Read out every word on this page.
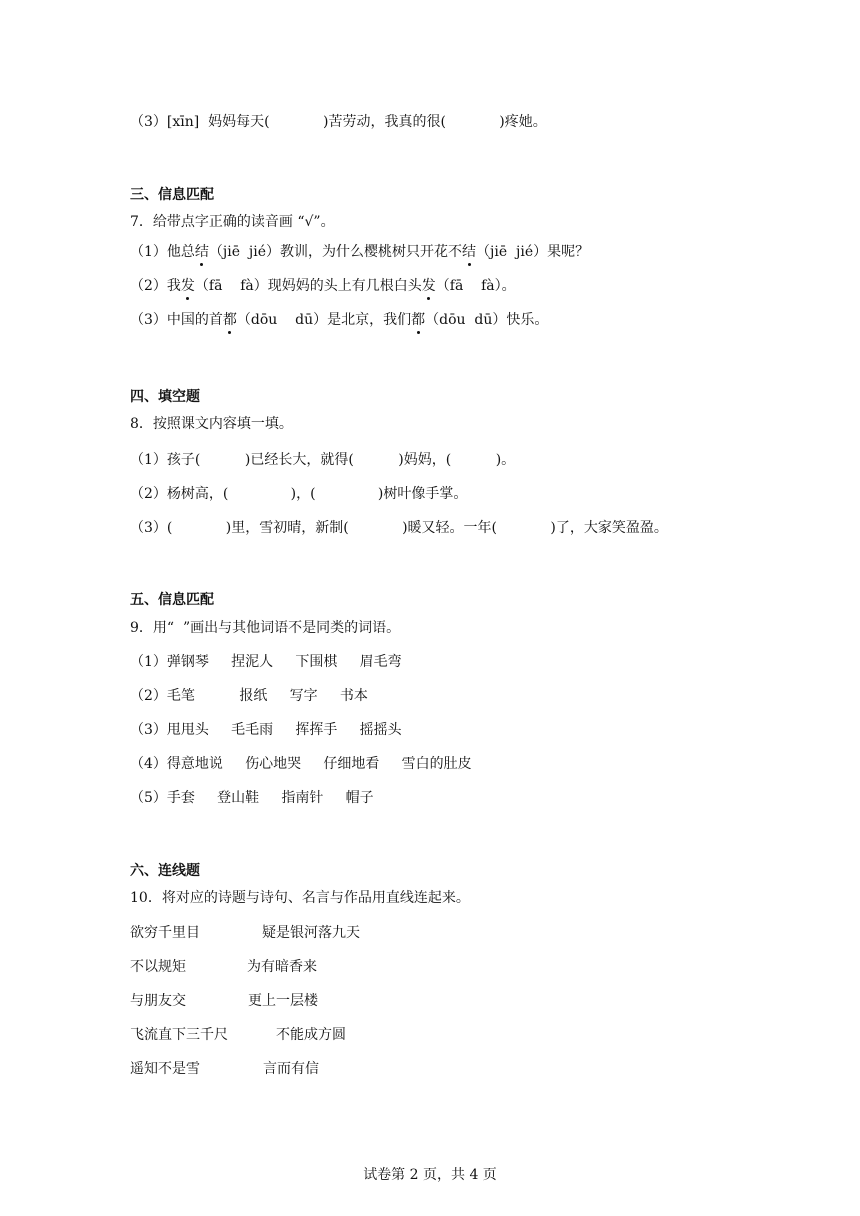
（3）[xīn]  妈妈每天(            )苦劳动，我真的很(            )疼她。
三、信息匹配
7．给带点字正确的读音画 “√”。
（1）他总结（jiē  jié）教训，为什么樱桃树只开花不结（jiē  jié）果呢？
（2）我发（fā    fà）现妈妈的头上有几根白头发（fā    fà）。
（3）中国的首都（dōu    dū）是北京，我们都（dōu  dū）快乐。
四、填空题
8．按照课文内容填一填。
（1）孩子(          )已经长大，就得(          )妈妈，(          )。
（2）杨树高，(              )，(              )树叶像手掌。
（3）(            )里，雪初晴，新制(            )暖又轻。一年(            )了，大家笑盈盈。
五、信息匹配
9．用“  ”画出与其他词语不是同类的词语。
（1）弹钢琴     捏泥人     下围棋     眉毛弯
（2）毛笔          报纸     写字     书本
（3）甩甩头     毛毛雨     挥挥手     摇摇头
（4）得意地说     伤心地哭     仔细地看     雪白的肚皮
（5）手套     登山鞋     指南针     帽子
六、连线题
10．将对应的诗题与诗句、名言与作品用直线连起来。
欲穷千里目	疑是银河落九天
不以规矩	为有暗香来
与朋友交	更上一层楼
飞流直下三千尺	不能成方圆
遥知不是雪	言而有信
试卷第 2 页，共 4 页
